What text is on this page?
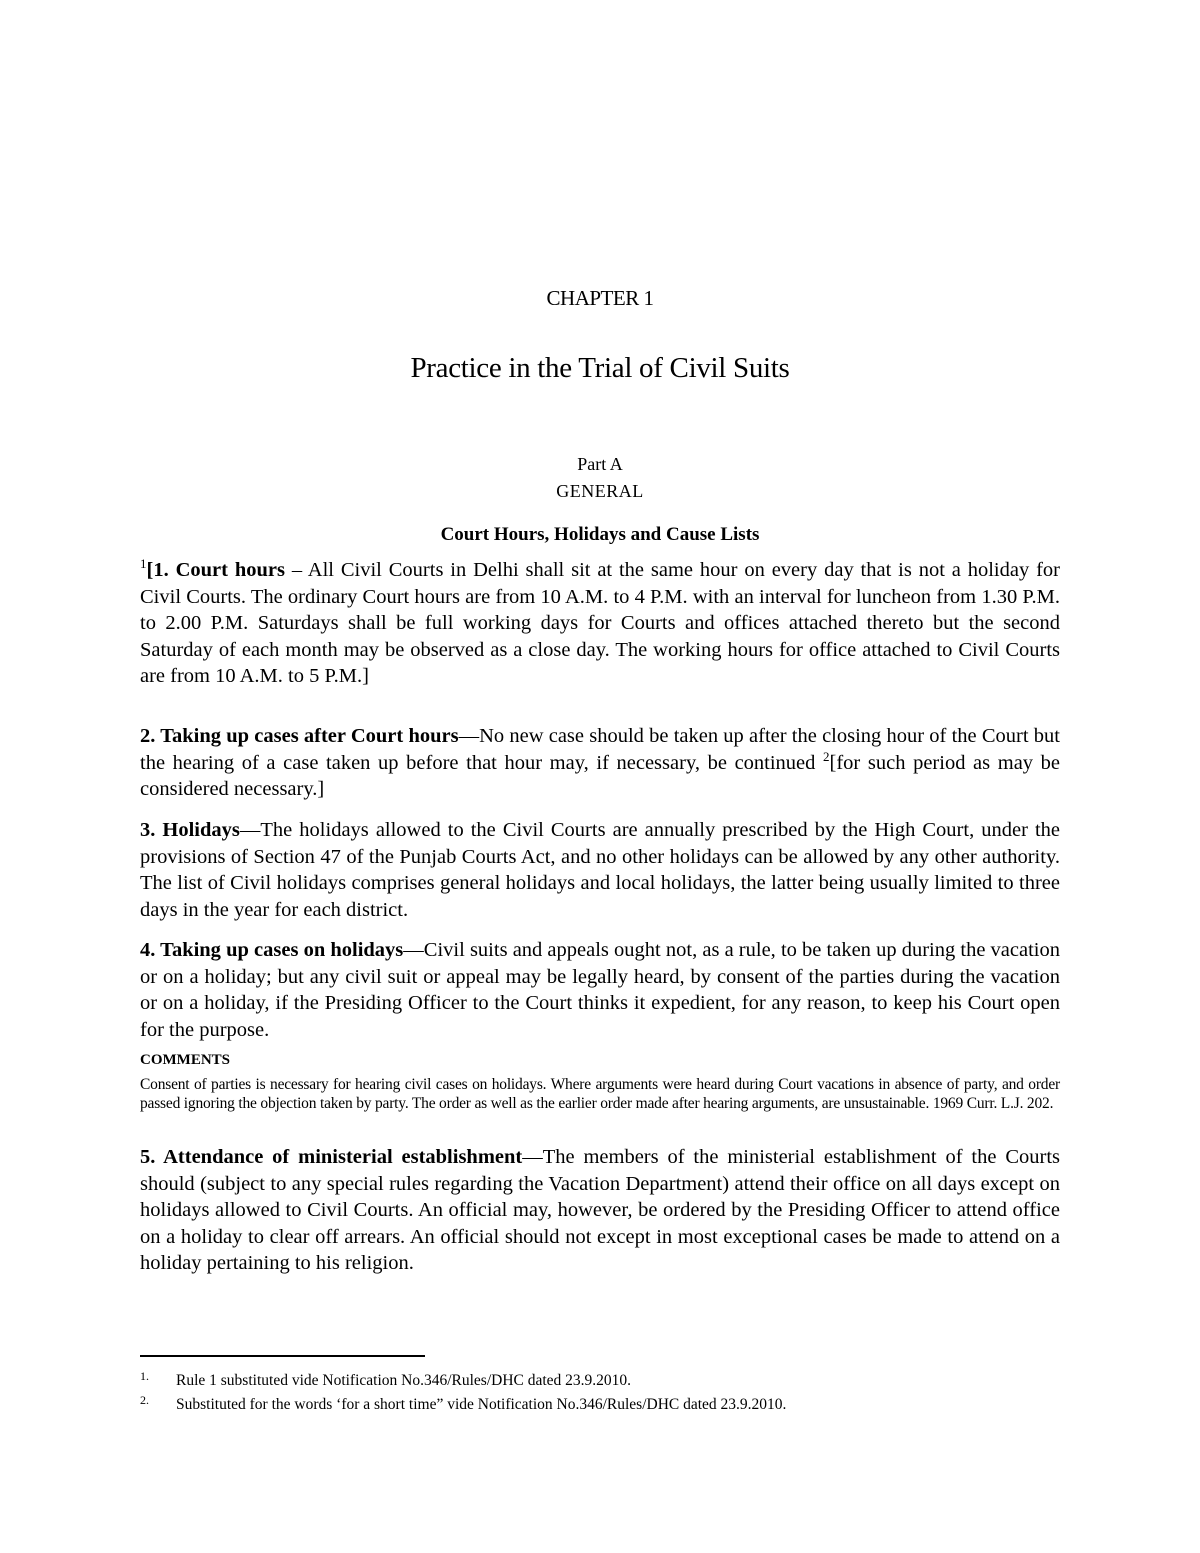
CHAPTER 1
Practice in the Trial of Civil Suits
Part A
GENERAL
Court Hours, Holidays and Cause Lists

$^1$[1. Court hours – All Civil Courts in Delhi shall sit at the same hour on every day that is not a holiday for Civil Courts. The ordinary Court hours are from 10 A.M. to 4 P.M. with an interval for luncheon from 1.30 P.M. to 2.00 P.M. Saturdays shall be full working days for Courts and offices attached thereto but the second Saturday of each month may be observed as a close day. The working hours for office attached to Civil Courts are from 10 A.M. to 5 P.M.]

2. Taking up cases after Court hours—No new case should be taken up after the closing hour of the Court but the hearing of a case taken up before that hour may, if necessary, be continued $^2$[for such period as may be considered necessary.]

3. Holidays—The holidays allowed to the Civil Courts are annually prescribed by the High Court, under the provisions of Section 47 of the Punjab Courts Act, and no other holidays can be allowed by any other authority. The list of Civil holidays comprises general holidays and local holidays, the latter being usually limited to three days in the year for each district.

4. Taking up cases on holidays—Civil suits and appeals ought not, as a rule, to be taken up during the vacation or on a holiday; but any civil suit or appeal may be legally heard, by consent of the parties during the vacation or on a holiday, if the Presiding Officer to the Court thinks it expedient, for any reason, to keep his Court open for the purpose.

COMMENTS
Consent of parties is necessary for hearing civil cases on holidays. Where arguments were heard during Court vacations in absence of party, and order passed ignoring the objection taken by party. The order as well as the earlier order made after hearing arguments, are unsustainable. 1969 Curr. L.J. 202.

5. Attendance of ministerial establishment—The members of the ministerial establishment of the Courts should (subject to any special rules regarding the Vacation Department) attend their office on all days except on holidays allowed to Civil Courts. An official may, however, be ordered by the Presiding Officer to attend office on a holiday to clear off arrears. An official should not except in most exceptional cases be made to attend on a holiday pertaining to his religion.

1. Rule 1 substituted vide Notification No.346/Rules/DHC dated 23.9.2010.
2. Substituted for the words ‘for a short time” vide Notification No.346/Rules/DHC dated 23.9.2010.
